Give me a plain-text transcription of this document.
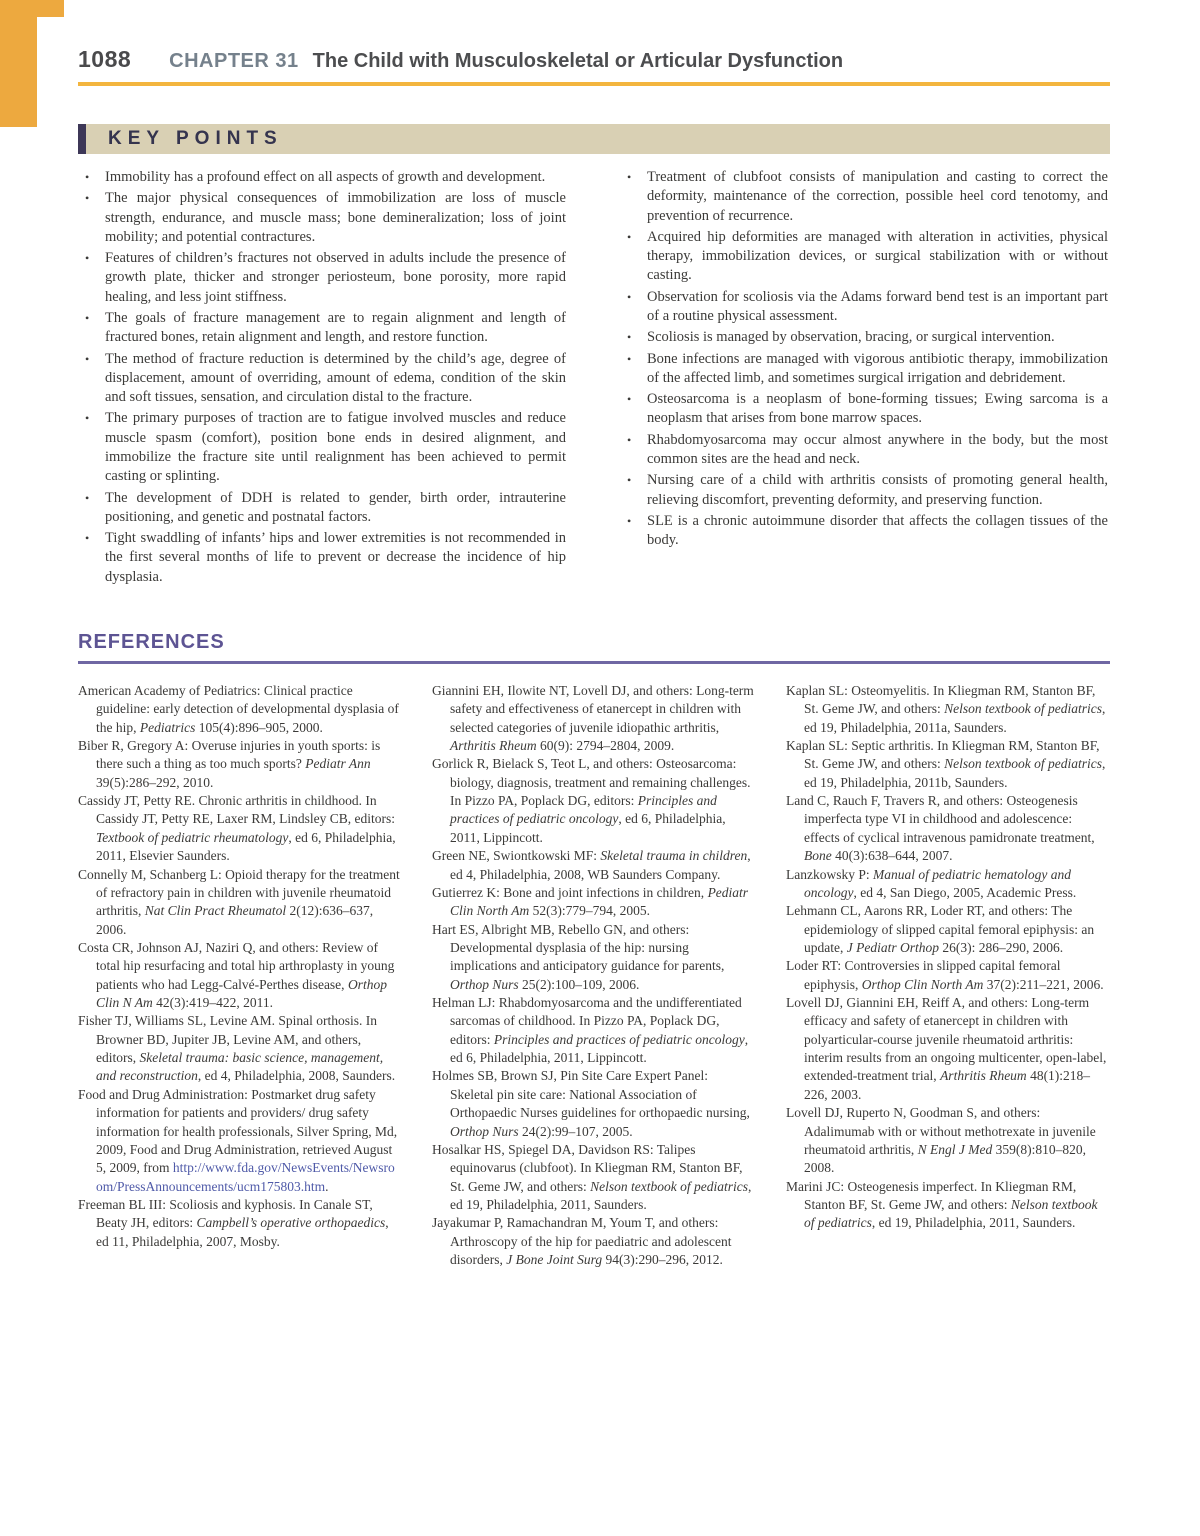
1088 CHAPTER 31 The Child with Musculoskeletal or Articular Dysfunction
KEY POINTS
• Immobility has a profound effect on all aspects of growth and development.
• The major physical consequences of immobilization are loss of muscle strength, endurance, and muscle mass; bone demineralization; loss of joint mobility; and potential contractures.
• Features of children’s fractures not observed in adults include the presence of growth plate, thicker and stronger periosteum, bone porosity, more rapid healing, and less joint stiffness.
• The goals of fracture management are to regain alignment and length of fractured bones, retain alignment and length, and restore function.
• The method of fracture reduction is determined by the child’s age, degree of displacement, amount of overriding, amount of edema, condition of the skin and soft tissues, sensation, and circulation distal to the fracture.
• The primary purposes of traction are to fatigue involved muscles and reduce muscle spasm (comfort), position bone ends in desired alignment, and immobilize the fracture site until realignment has been achieved to permit casting or splinting.
• The development of DDH is related to gender, birth order, intrauterine positioning, and genetic and postnatal factors.
• Tight swaddling of infants’ hips and lower extremities is not recommended in the first several months of life to prevent or decrease the incidence of hip dysplasia.
• Treatment of clubfoot consists of manipulation and casting to correct the deformity, maintenance of the correction, possible heel cord tenotomy, and prevention of recurrence.
• Acquired hip deformities are managed with alteration in activities, physical therapy, immobilization devices, or surgical stabilization with or without casting.
• Observation for scoliosis via the Adams forward bend test is an important part of a routine physical assessment.
• Scoliosis is managed by observation, bracing, or surgical intervention.
• Bone infections are managed with vigorous antibiotic therapy, immobilization of the affected limb, and sometimes surgical irrigation and debridement.
• Osteosarcoma is a neoplasm of bone-forming tissues; Ewing sarcoma is a neoplasm that arises from bone marrow spaces.
• Rhabdomyosarcoma may occur almost anywhere in the body, but the most common sites are the head and neck.
• Nursing care of a child with arthritis consists of promoting general health, relieving discomfort, preventing deformity, and preserving function.
• SLE is a chronic autoimmune disorder that affects the collagen tissues of the body.
REFERENCES

American Academy of Pediatrics: Clinical practice guideline: early detection of developmental dysplasia of the hip, Pediatrics 105(4):896–905, 2000.

Biber R, Gregory A: Overuse injuries in youth sports: is there such a thing as too much sports? Pediatr Ann 39(5):286–292, 2010.

Cassidy JT, Petty RE. Chronic arthritis in childhood. In Cassidy JT, Petty RE, Laxer RM, Lindsley CB, editors: Textbook of pediatric rheumatology, ed 6, Philadelphia, 2011, Elsevier Saunders.

Connelly M, Schanberg L: Opioid therapy for the treatment of refractory pain in children with juvenile rheumatoid arthritis, Nat Clin Pract Rheumatol 2(12):636–637, 2006.

Costa CR, Johnson AJ, Naziri Q, and others: Review of total hip resurfacing and total hip arthroplasty in young patients who had Legg-Calvé-Perthes disease, Orthop Clin N Am 42(3):419–422, 2011.

Fisher TJ, Williams SL, Levine AM. Spinal orthosis. In Browner BD, Jupiter JB, Levine AM, and others, editors, Skeletal trauma: basic science, management, and reconstruction, ed 4, Philadelphia, 2008, Saunders.

Food and Drug Administration: Postmarket drug safety information for patients and providers/ drug safety information for health professionals, Silver Spring, Md, 2009, Food and Drug Administration, retrieved August 5, 2009, from http://www.fda.gov/NewsEvents/Newsroom/PressAnnouncements/ucm175803.htm.

Freeman BL III: Scoliosis and kyphosis. In Canale ST, Beaty JH, editors: Campbell’s operative orthopaedics, ed 11, Philadelphia, 2007, Mosby.

Giannini EH, Ilowite NT, Lovell DJ, and others: Long-term safety and effectiveness of etanercept in children with selected categories of juvenile idiopathic arthritis, Arthritis Rheum 60(9): 2794–2804, 2009.

Gorlick R, Bielack S, Teot L, and others: Osteosarcoma: biology, diagnosis, treatment and remaining challenges. In Pizzo PA, Poplack DG, editors: Principles and practices of pediatric oncology, ed 6, Philadelphia, 2011, Lippincott.

Green NE, Swiontkowski MF: Skeletal trauma in children, ed 4, Philadelphia, 2008, WB Saunders Company.

Gutierrez K: Bone and joint infections in children, Pediatr Clin North Am 52(3):779–794, 2005.

Hart ES, Albright MB, Rebello GN, and others: Developmental dysplasia of the hip: nursing implications and anticipatory guidance for parents, Orthop Nurs 25(2):100–109, 2006.

Helman LJ: Rhabdomyosarcoma and the undifferentiated sarcomas of childhood. In Pizzo PA, Poplack DG, editors: Principles and practices of pediatric oncology, ed 6, Philadelphia, 2011, Lippincott.

Holmes SB, Brown SJ, Pin Site Care Expert Panel: Skeletal pin site care: National Association of Orthopaedic Nurses guidelines for orthopaedic nursing, Orthop Nurs 24(2):99–107, 2005.

Hosalkar HS, Spiegel DA, Davidson RS: Talipes equinovarus (clubfoot). In Kliegman RM, Stanton BF, St. Geme JW, and others: Nelson textbook of pediatrics, ed 19, Philadelphia, 2011, Saunders.

Jayakumar P, Ramachandran M, Youm T, and others: Arthroscopy of the hip for paediatric and adolescent disorders, J Bone Joint Surg 94(3):290–296, 2012.

Kaplan SL: Osteomyelitis. In Kliegman RM, Stanton BF, St. Geme JW, and others: Nelson textbook of pediatrics, ed 19, Philadelphia, 2011a, Saunders.

Kaplan SL: Septic arthritis. In Kliegman RM, Stanton BF, St. Geme JW, and others: Nelson textbook of pediatrics, ed 19, Philadelphia, 2011b, Saunders.

Land C, Rauch F, Travers R, and others: Osteogenesis imperfecta type VI in childhood and adolescence: effects of cyclical intravenous pamidronate treatment, Bone 40(3):638–644, 2007.

Lanzkowsky P: Manual of pediatric hematology and oncology, ed 4, San Diego, 2005, Academic Press.

Lehmann CL, Aarons RR, Loder RT, and others: The epidemiology of slipped capital femoral epiphysis: an update, J Pediatr Orthop 26(3): 286–290, 2006.

Loder RT: Controversies in slipped capital femoral epiphysis, Orthop Clin North Am 37(2):211–221, 2006.

Lovell DJ, Giannini EH, Reiff A, and others: Long-term efficacy and safety of etanercept in children with polyarticular-course juvenile rheumatoid arthritis: interim results from an ongoing multicenter, open-label, extended-treatment trial, Arthritis Rheum 48(1):218–226, 2003.

Lovell DJ, Ruperto N, Goodman S, and others: Adalimumab with or without methotrexate in juvenile rheumatoid arthritis, N Engl J Med 359(8):810–820, 2008.

Marini JC: Osteogenesis imperfect. In Kliegman RM, Stanton BF, St. Geme JW, and others: Nelson textbook of pediatrics, ed 19, Philadelphia, 2011, Saunders.
